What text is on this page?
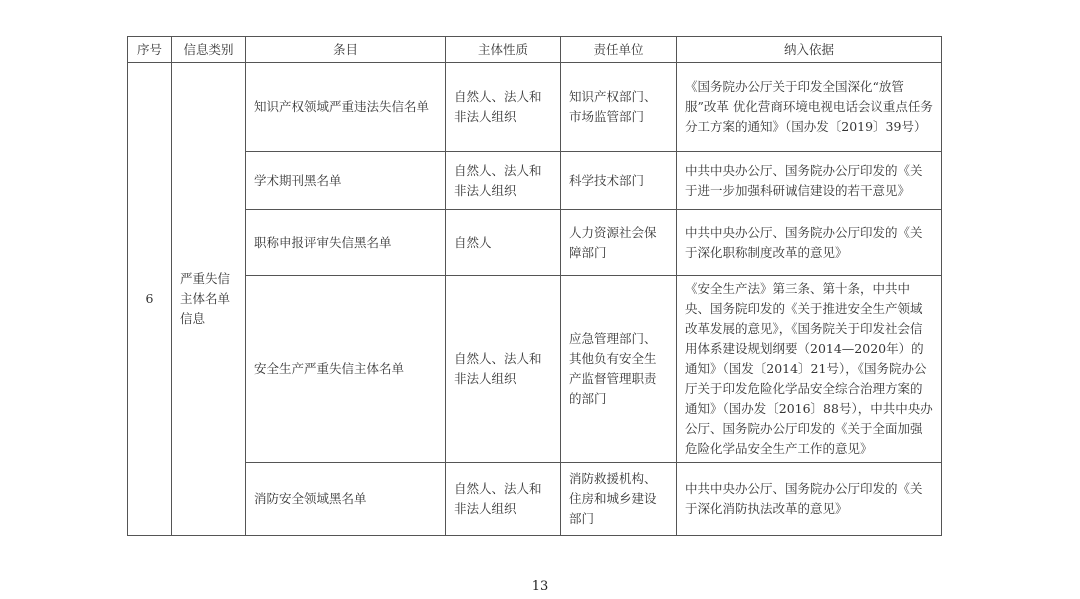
序号	信息类别	条目	主体性质	责任单位	纳入依据
6	严重失信主体名单信息	知识产权领域严重违法失信名单	自然人、法人和非法人组织	知识产权部门、市场监管部门	《国务院办公厅关于印发全国深化“放管服”改革 优化营商环境电视电话会议重点任务分工方案的通知》（国办发〔2019〕39号）
		学术期刊黑名单	自然人、法人和非法人组织	科学技术部门	中共中央办公厅、国务院办公厅印发的《关于进一步加强科研诚信建设的若干意见》
		职称申报评审失信黑名单	自然人	人力资源社会保障部门	中共中央办公厅、国务院办公厅印发的《关于深化职称制度改革的意见》
		安全生产严重失信主体名单	自然人、法人和非法人组织	应急管理部门、其他负有安全生产监督管理职责的部门	《安全生产法》第三条、第十条，中共中央、国务院印发的《关于推进安全生产领域改革发展的意见》，《国务院关于印发社会信用体系建设规划纲要（2014—2020年）的通知》（国发〔2014〕21号），《国务院办公厅关于印发危险化学品安全综合治理方案的通知》（国办发〔2016〕88号），中共中央办公厅、国务院办公厅印发的《关于全面加强危险化学品安全生产工作的意见》
		消防安全领域黑名单	自然人、法人和非法人组织	消防救援机构、住房和城乡建设部门	中共中央办公厅、国务院办公厅印发的《关于深化消防执法改革的意见》
13
